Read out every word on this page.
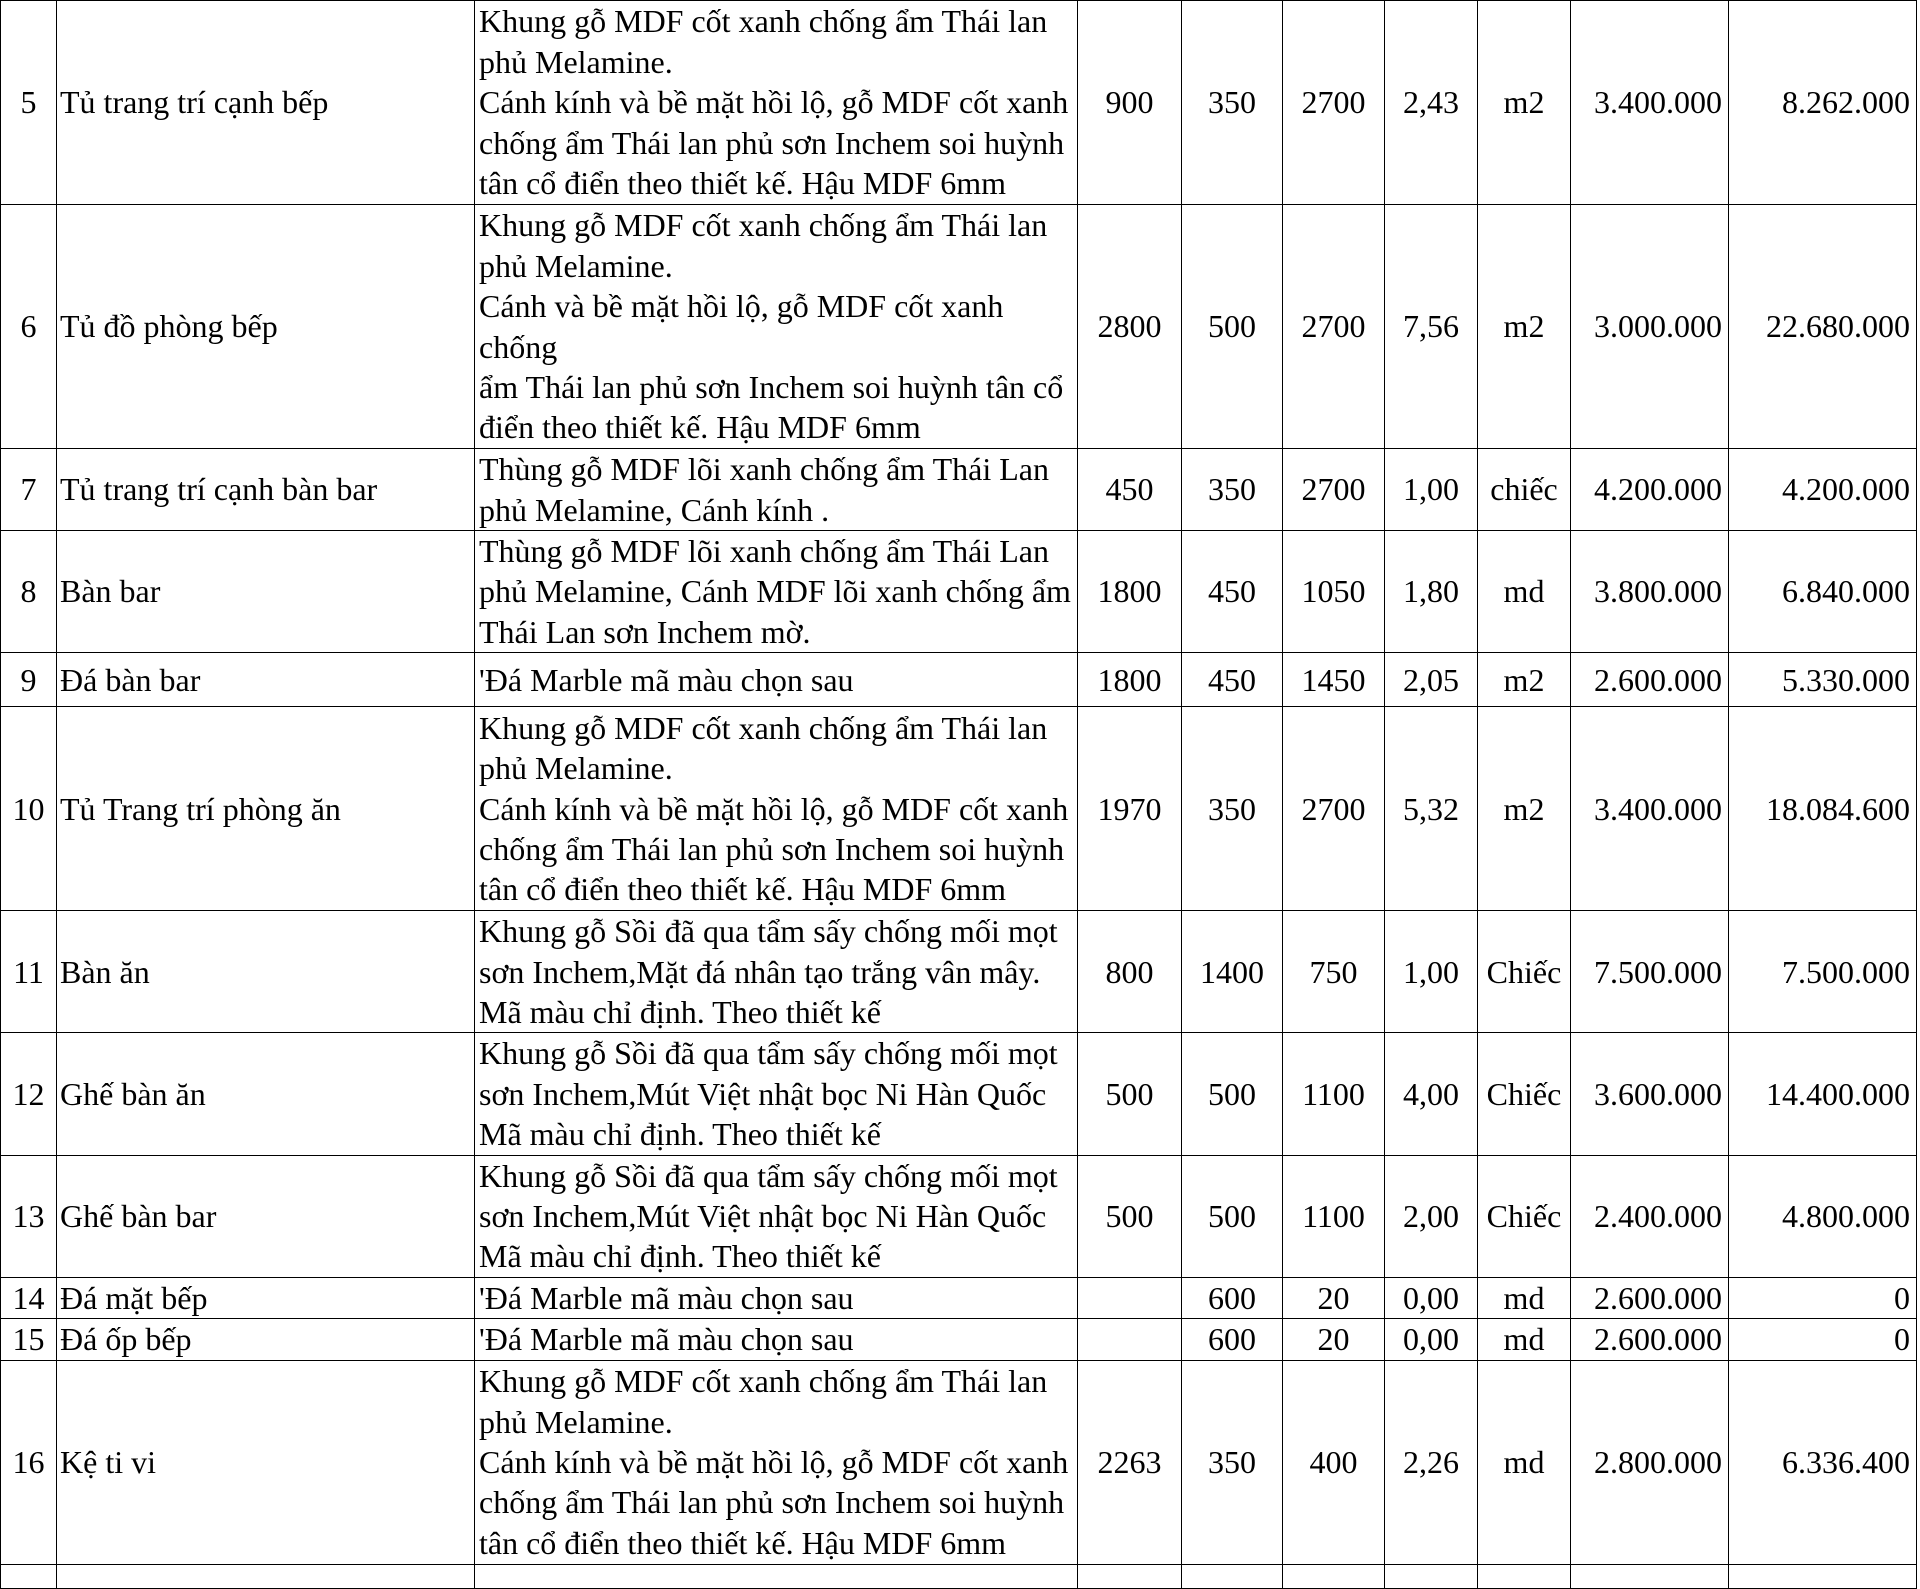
5	Tủ trang trí cạnh bếp	Khung gỗ MDF cốt xanh chống ẩm Thái lan
phủ Melamine.
Cánh kính và bề mặt hồi lộ, gỗ MDF cốt xanh
chống ẩm Thái lan phủ sơn Inchem soi huỳnh
tân cổ điển theo thiết kế. Hậu MDF 6mm	900	350	2700	2,43	m2	3.400.000	8.262.000
6	Tủ đồ phòng bếp	Khung gỗ MDF cốt xanh chống ẩm Thái lan
phủ Melamine.
Cánh và bề mặt hồi lộ, gỗ MDF cốt xanh chống
ẩm Thái lan phủ sơn Inchem soi huỳnh tân cổ
điển theo thiết kế. Hậu MDF 6mm	2800	500	2700	7,56	m2	3.000.000	22.680.000
7	Tủ trang trí cạnh bàn bar	Thùng gỗ MDF lõi xanh chống ẩm Thái Lan
phủ Melamine, Cánh kính .	450	350	2700	1,00	chiếc	4.200.000	4.200.000
8	Bàn bar	Thùng gỗ MDF lõi xanh chống ẩm Thái Lan
phủ Melamine, Cánh MDF lõi xanh chống ẩm
Thái Lan sơn Inchem mờ.	1800	450	1050	1,80	md	3.800.000	6.840.000
9	Đá bàn bar	'Đá Marble mã màu chọn sau	1800	450	1450	2,05	m2	2.600.000	5.330.000
10	Tủ Trang trí phòng ăn	Khung gỗ MDF cốt xanh chống ẩm Thái lan
phủ Melamine.
Cánh kính và bề mặt hồi lộ, gỗ MDF cốt xanh
chống ẩm Thái lan phủ sơn Inchem soi huỳnh
tân cổ điển theo thiết kế. Hậu MDF 6mm	1970	350	2700	5,32	m2	3.400.000	18.084.600
11	Bàn ăn	Khung gỗ Sồi đã qua tẩm sấy chống mối mọt
sơn Inchem,Mặt đá nhân tạo trắng vân mây.
Mã màu chỉ định. Theo thiết kế	800	1400	750	1,00	Chiếc	7.500.000	7.500.000
12	Ghế bàn ăn	Khung gỗ Sồi đã qua tẩm sấy chống mối mọt
sơn Inchem,Mút Việt nhật bọc Ni Hàn Quốc
Mã màu chỉ định. Theo thiết kế	500	500	1100	4,00	Chiếc	3.600.000	14.400.000
13	Ghế bàn bar	Khung gỗ Sồi đã qua tẩm sấy chống mối mọt
sơn Inchem,Mút Việt nhật bọc Ni Hàn Quốc
Mã màu chỉ định. Theo thiết kế	500	500	1100	2,00	Chiếc	2.400.000	4.800.000
14	Đá mặt bếp	'Đá Marble mã màu chọn sau		600	20	0,00	md	2.600.000	0
15	Đá ốp bếp	'Đá Marble mã màu chọn sau		600	20	0,00	md	2.600.000	0
16	Kệ ti vi	Khung gỗ MDF cốt xanh chống ẩm Thái lan
phủ Melamine.
Cánh kính và bề mặt hồi lộ, gỗ MDF cốt xanh
chống ẩm Thái lan phủ sơn Inchem soi huỳnh
tân cổ điển theo thiết kế. Hậu MDF 6mm	2263	350	400	2,26	md	2.800.000	6.336.400
